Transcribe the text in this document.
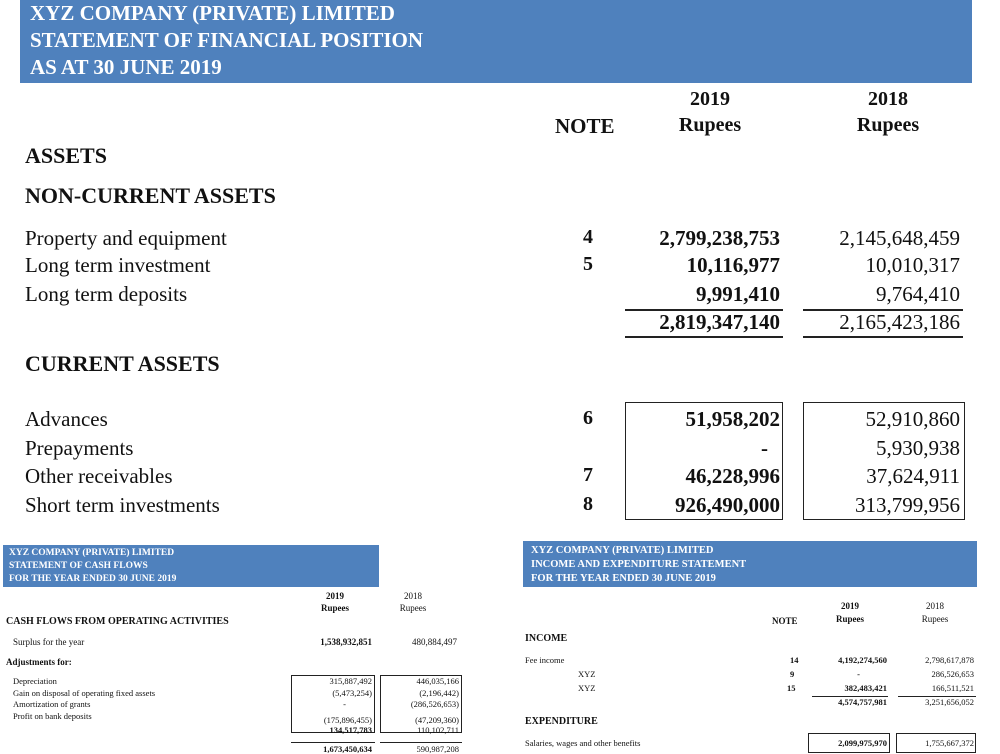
XYZ COMPANY (PRIVATE) LIMITED
STATEMENT OF FINANCIAL POSITION
AS AT 30 JUNE 2019
2019
Rupees
2018
Rupees
NOTE
ASSETS
NON-CURRENT ASSETS
Property and equipment	4	2,799,238,753	2,145,648,459
Long term investment	5	10,116,977	10,010,317
Long term deposits	9,991,410	9,764,410
2,819,347,140	2,165,423,186
CURRENT ASSETS
Advances	6	51,958,202	52,910,860
Prepayments	-	5,930,938
Other receivables	7	46,228,996	37,624,911
Short term investments	8	926,490,000	313,799,956
XYZ COMPANY (PRIVATE) LIMITED
STATEMENT OF CASH FLOWS
FOR THE YEAR ENDED 30 JUNE 2019
2019
Rupees
2018
Rupees
CASH FLOWS FROM OPERATING ACTIVITIES
Surplus for the year	1,538,932,851	480,884,497
Adjustments for:
Depreciation	315,887,492	446,035,166
Gain on disposal of operating fixed assets	(5,473,254)	(2,196,442)
Amortization of grants	-	(286,526,653)
Profit on bank deposits	(175,896,455)	(47,209,360)
134,517,783	110,102,711
1,673,450,634	590,987,208
XYZ COMPANY (PRIVATE) LIMITED
INCOME AND EXPENDITURE STATEMENT
FOR THE YEAR ENDED 30 JUNE 2019
2019
Rupees
2018
Rupees
NOTE
INCOME
Fee income	14	4,192,274,560	2,798,617,878
XYZ	9	-	286,526,653
XYZ	15	382,483,421	166,511,521
4,574,757,981	3,251,656,052
EXPENDITURE
Salaries, wages and other benefits	2,099,975,970	1,755,667,372
